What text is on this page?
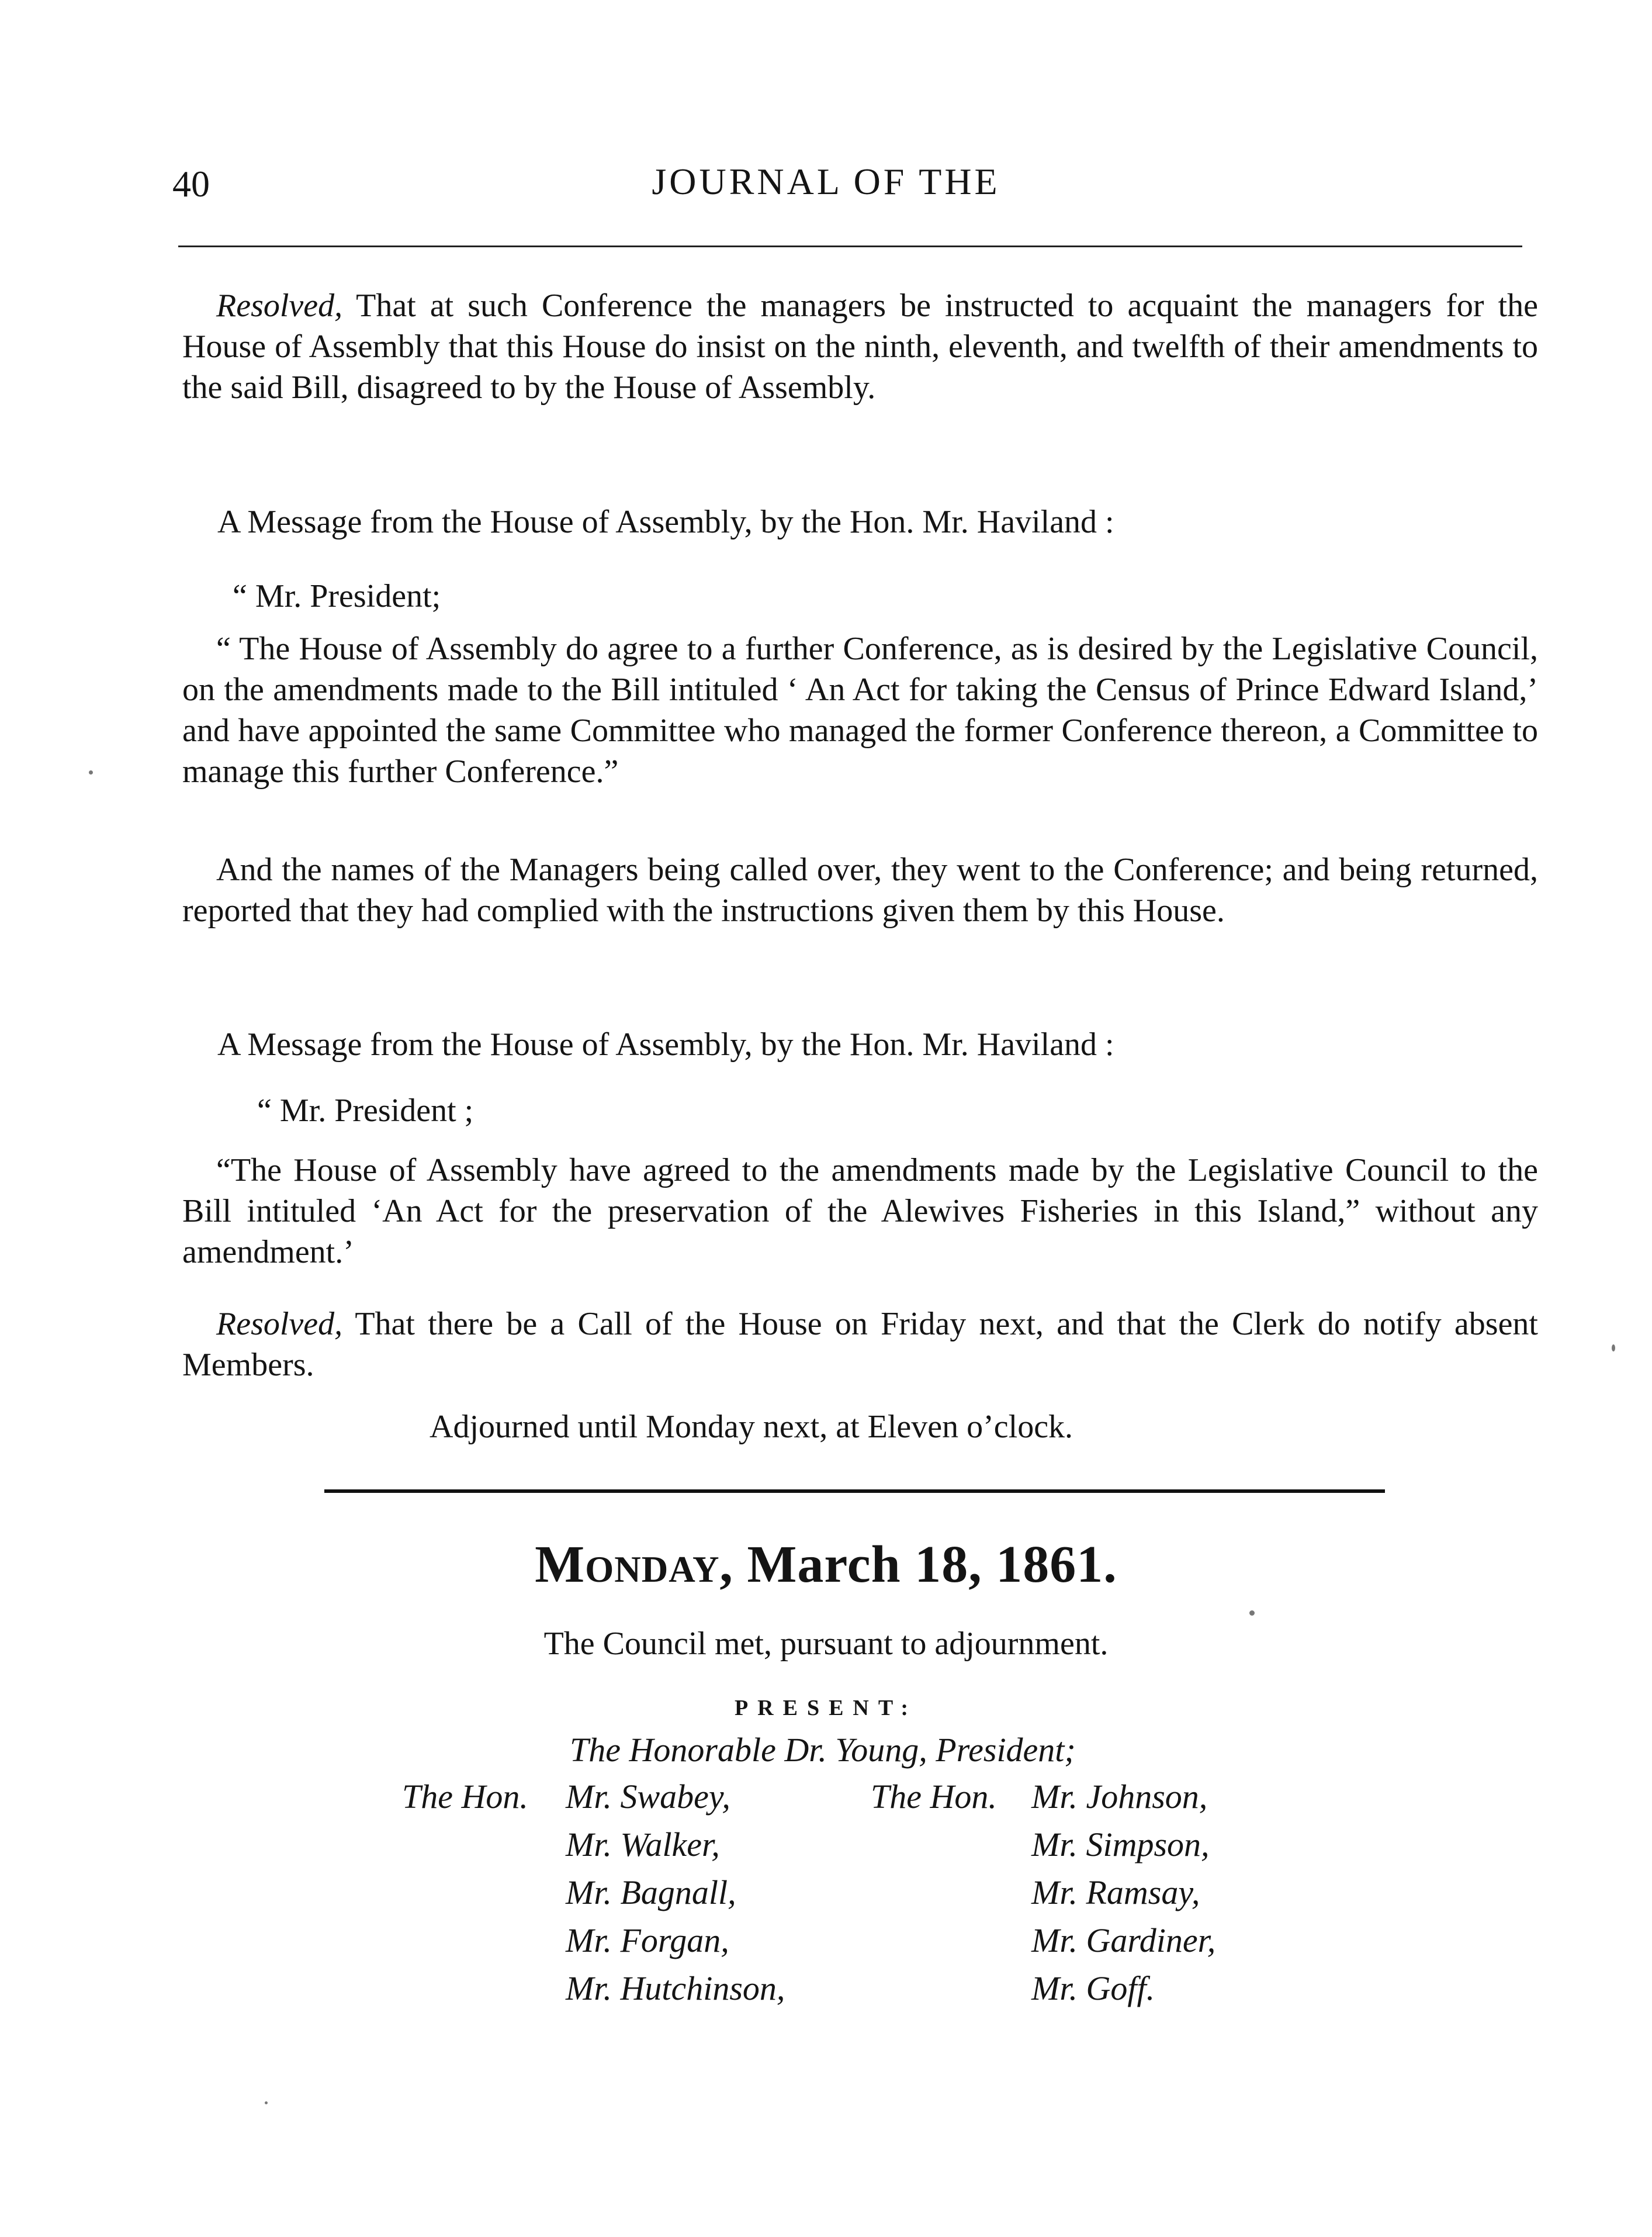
40	JOURNAL OF THE
Resolved, That at such Conference the managers be instructed to acquaint the managers for the House of Assembly that this House do insist on the ninth, eleventh, and twelfth of their amendments to the said Bill, disagreed to by the House of Assembly.
A Message from the House of Assembly, by the Hon. Mr. Haviland :
“ Mr. President;
“ The House of Assembly do agree to a further Conference, as is desired by the Legislative Council, on the amendments made to the Bill intituled ‘ An Act for taking the Census of Prince Edward Island,’ and have appointed the same Committee who managed the former Conference thereon, a Committee to manage this further Conference.”
And the names of the Managers being called over, they went to the Conference; and being returned, reported that they had complied with the instructions given them by this House.
A Message from the House of Assembly, by the Hon. Mr. Haviland :
“ Mr. President ;
“The House of Assembly have agreed to the amendments made by the Legislative Council to the Bill intituled ‘An Act for the preservation of the Alewives Fisheries in this Island,” without any amendment.’
Resolved, That there be a Call of the House on Friday next, and that the Clerk do notify absent Members.
Adjourned until Monday next, at Eleven o’clock.
Monday, March 18, 1861.
The Council met, pursuant to adjournment.
PRESENT:
The Honorable Dr. Young, President;
The Hon. Mr. Swabey,
Mr. Walker,
Mr. Bagnall,
Mr. Forgan,
Mr. Hutchinson,
The Hon. Mr. Johnson,
Mr. Simpson,
Mr. Ramsay,
Mr. Gardiner,
Mr. Goff.
